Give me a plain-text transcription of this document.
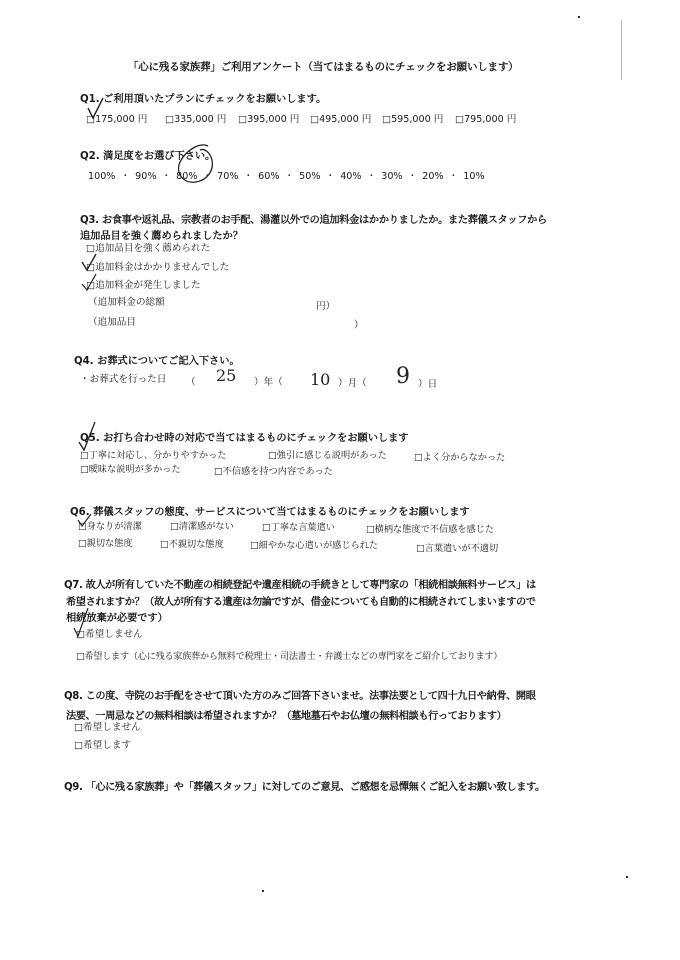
「心に残る家族葬」ご利用アンケート（当てはまるものにチェックをお願いします）
Q1. ご利用頂いたプランにチェックをお願いします。
□175,000 円 □335,000 円 □395,000 円 □495,000 円 □595,000 円 □795,000 円
Q2. 満足度をお選び下さい。
100% ・ 90% ・ 80% ・ 70% ・ 60% ・ 50% ・ 40% ・ 30% ・ 20% ・ 10%
Q3. お食事や返礼品、宗教者のお手配、湯灌以外での追加料金はかかりましたか。また葬儀スタッフから
追加品目を強く薦められましたか？
□追加品目を強く薦められた
□追加料金はかかりませんでした
□追加料金が発生しました
（追加料金の総額	円）
（追加品目	）
Q4. お葬式についてご記入下さい。
・お葬式を行った日 （ 25 ）年（ 10 ）月（ 9 ）日
Q5. お打ち合わせ時の対応で当てはまるものにチェックをお願いします
□丁寧に対応し、分かりやすかった	□強引に感じる説明があった	□よく分からなかった
□曖昧な説明が多かった	□不信感を持つ内容であった
Q6. 葬儀スタッフの態度、サービスについて当てはまるものにチェックをお願いします
□身なりが清潔	□清潔感がない	□丁寧な言葉遣い	□横柄な態度で不信感を感じた
□親切な態度	□不親切な態度	□細やかな心遣いが感じられた	□言葉遣いが不適切
Q7. 故人が所有していた不動産の相続登記や遺産相続の手続きとして専門家の「相続相談無料サービス」は
希望されますか？（故人が所有する遺産は勿論ですが、借金についても自動的に相続されてしまいますので
相続放棄が必要です）
□希望しません
□希望します（心に残る家族葬から無料で税理士・司法書士・弁護士などの専門家をご紹介しております）
Q8. この度、寺院のお手配をさせて頂いた方のみご回答下さいませ。法事法要として四十九日や納骨、開眼
法要、一周忌などの無料相談は希望されますか？（墓地墓石やお仏壇の無料相談も行っております）
□希望しません
□希望します
Q9. 「心に残る家族葬」や「葬儀スタッフ」に対してのご意見、ご感想を忌憚無くご記入をお願い致します。
